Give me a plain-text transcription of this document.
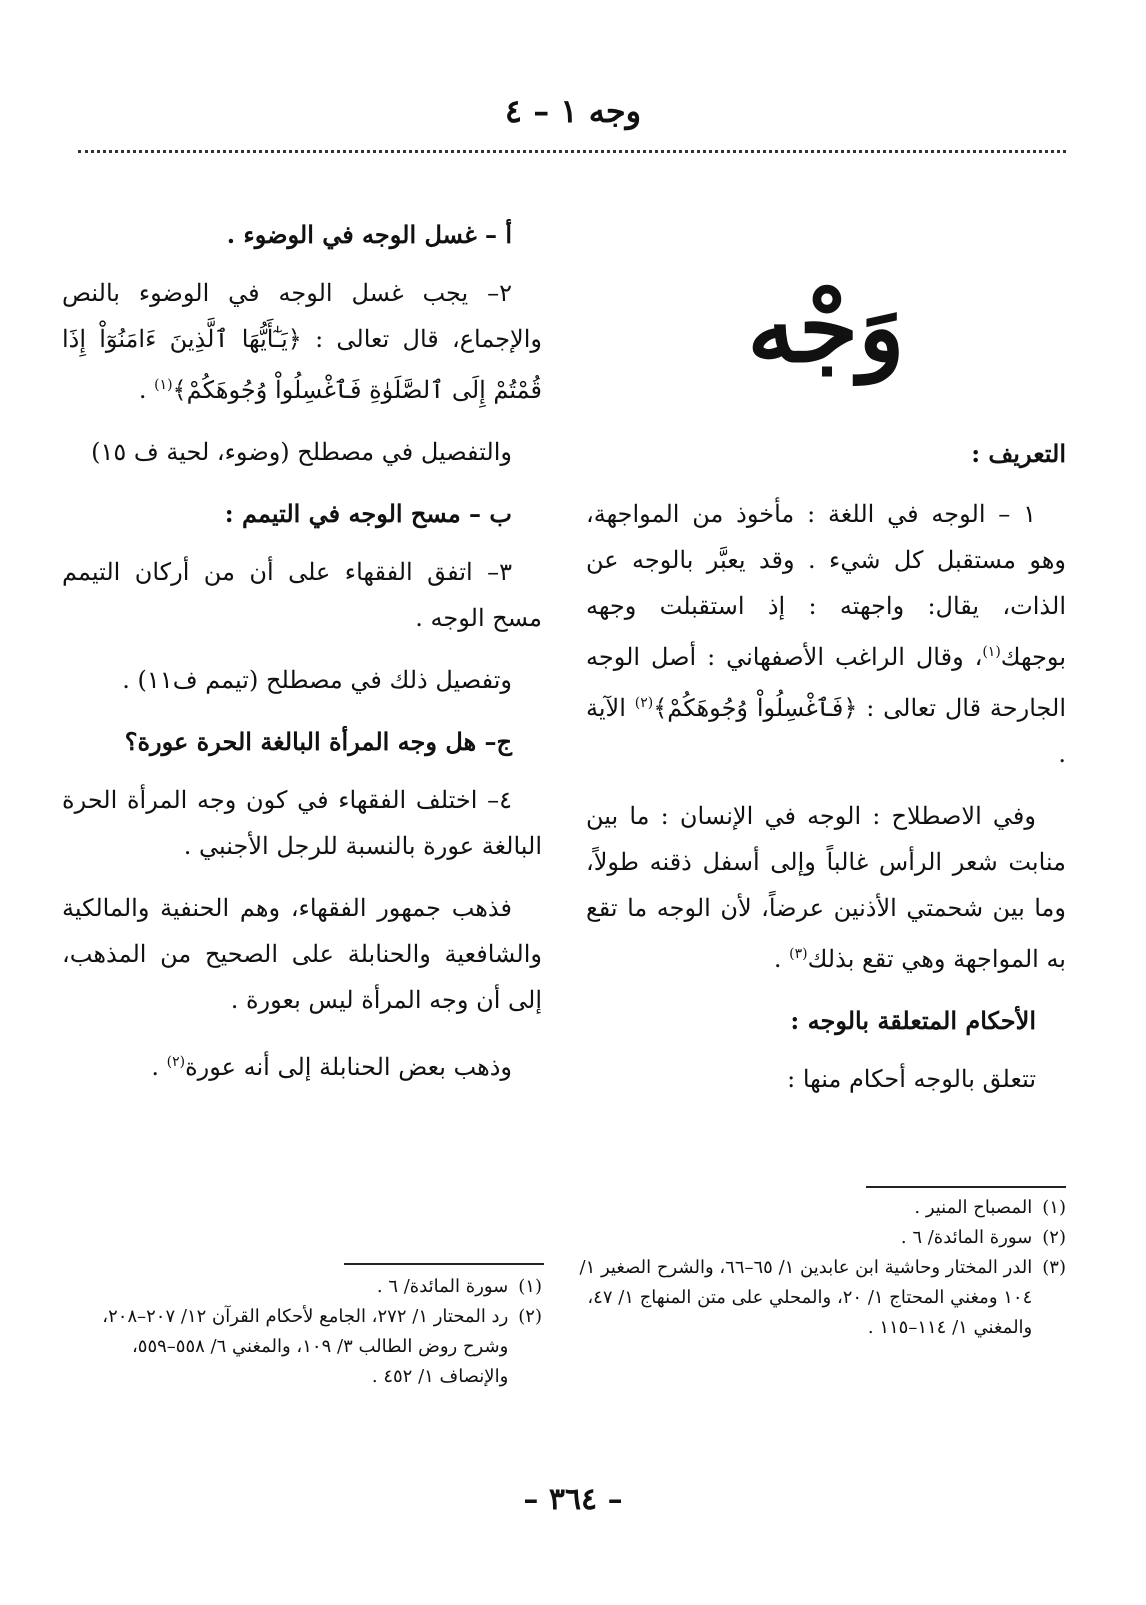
وجه ١ – ٤
وَجْه
التعريف :

١ – الوجه في اللغة : مأخوذ من المواجهة، وهو مستقبل كل شيء . وقد يعبَّر بالوجه عن الذات، يقال: واجهته : إذ استقبلت وجهه بوجهك$^{(١)}$، وقال الراغب الأصفهاني : أصل الوجه الجارحة قال تعالى : ﴿فَٱغْسِلُواْ وُجُوهَكُمْ﴾$^{(٢)}$ الآية .

وفي الاصطلاح : الوجه في الإنسان : ما بين منابت شعر الرأس غالباً وإلى أسفل ذقنه طولاً، وما بين شحمتي الأذنين عرضاً، لأن الوجه ما تقع به المواجهة وهي تقع بذلك$^{(٣)}$ .

الأحكام المتعلقة بالوجه :

تتعلق بالوجه أحكام منها :

أ – غسل الوجه في الوضوء .

٢– يجب غسل الوجه في الوضوء بالنص والإجماع، قال تعالى : ﴿يَـٰٓأَيُّهَا ٱلَّذِينَ ءَامَنُوٓاْ إِذَا قُمْتُمْ إِلَى ٱلصَّلَوٰةِ فَٱغْسِلُواْ وُجُوهَكُمْ﴾$^{(١)}$ .

والتفصيل في مصطلح (وضوء، لحية ف ١٥)

ب – مسح الوجه في التيمم :

٣– اتفق الفقهاء على أن من أركان التيمم مسح الوجه .

وتفصيل ذلك في مصطلح (تيمم ف١١) .

ج– هل وجه المرأة البالغة الحرة عورة؟

٤– اختلف الفقهاء في كون وجه المرأة الحرة البالغة عورة بالنسبة للرجل الأجنبي .

فذهب جمهور الفقهاء، وهم الحنفية والمالكية والشافعية والحنابلة على الصحيح من المذهب، إلى أن وجه المرأة ليس بعورة .

وذهب بعض الحنابلة إلى أنه عورة$^{(٢)}$ .

(١)
المصباح المنير .

(٢)
سورة المائدة/ ٦ .

(٣)
الدر المختار وحاشية ابن عابدين ١/ ٦٥–٦٦، والشرح الصغير ١/ ١٠٤ ومغني المحتاج ١/ ٢٠، والمحلي على متن المنهاج ١/ ٤٧، والمغني ١/ ١١٤–١١٥ .

(١)
سورة المائدة/ ٦ .

(٢)
رد المحتار ١/ ٢٧٢، الجامع لأحكام القرآن ١٢/ ٢٠٧–٢٠٨، وشرح روض الطالب ٣/ ١٠٩، والمغني ٦/ ٥٥٨–٥٥٩، والإنصاف ١/ ٤٥٢ .

– ٣٦٤ –
